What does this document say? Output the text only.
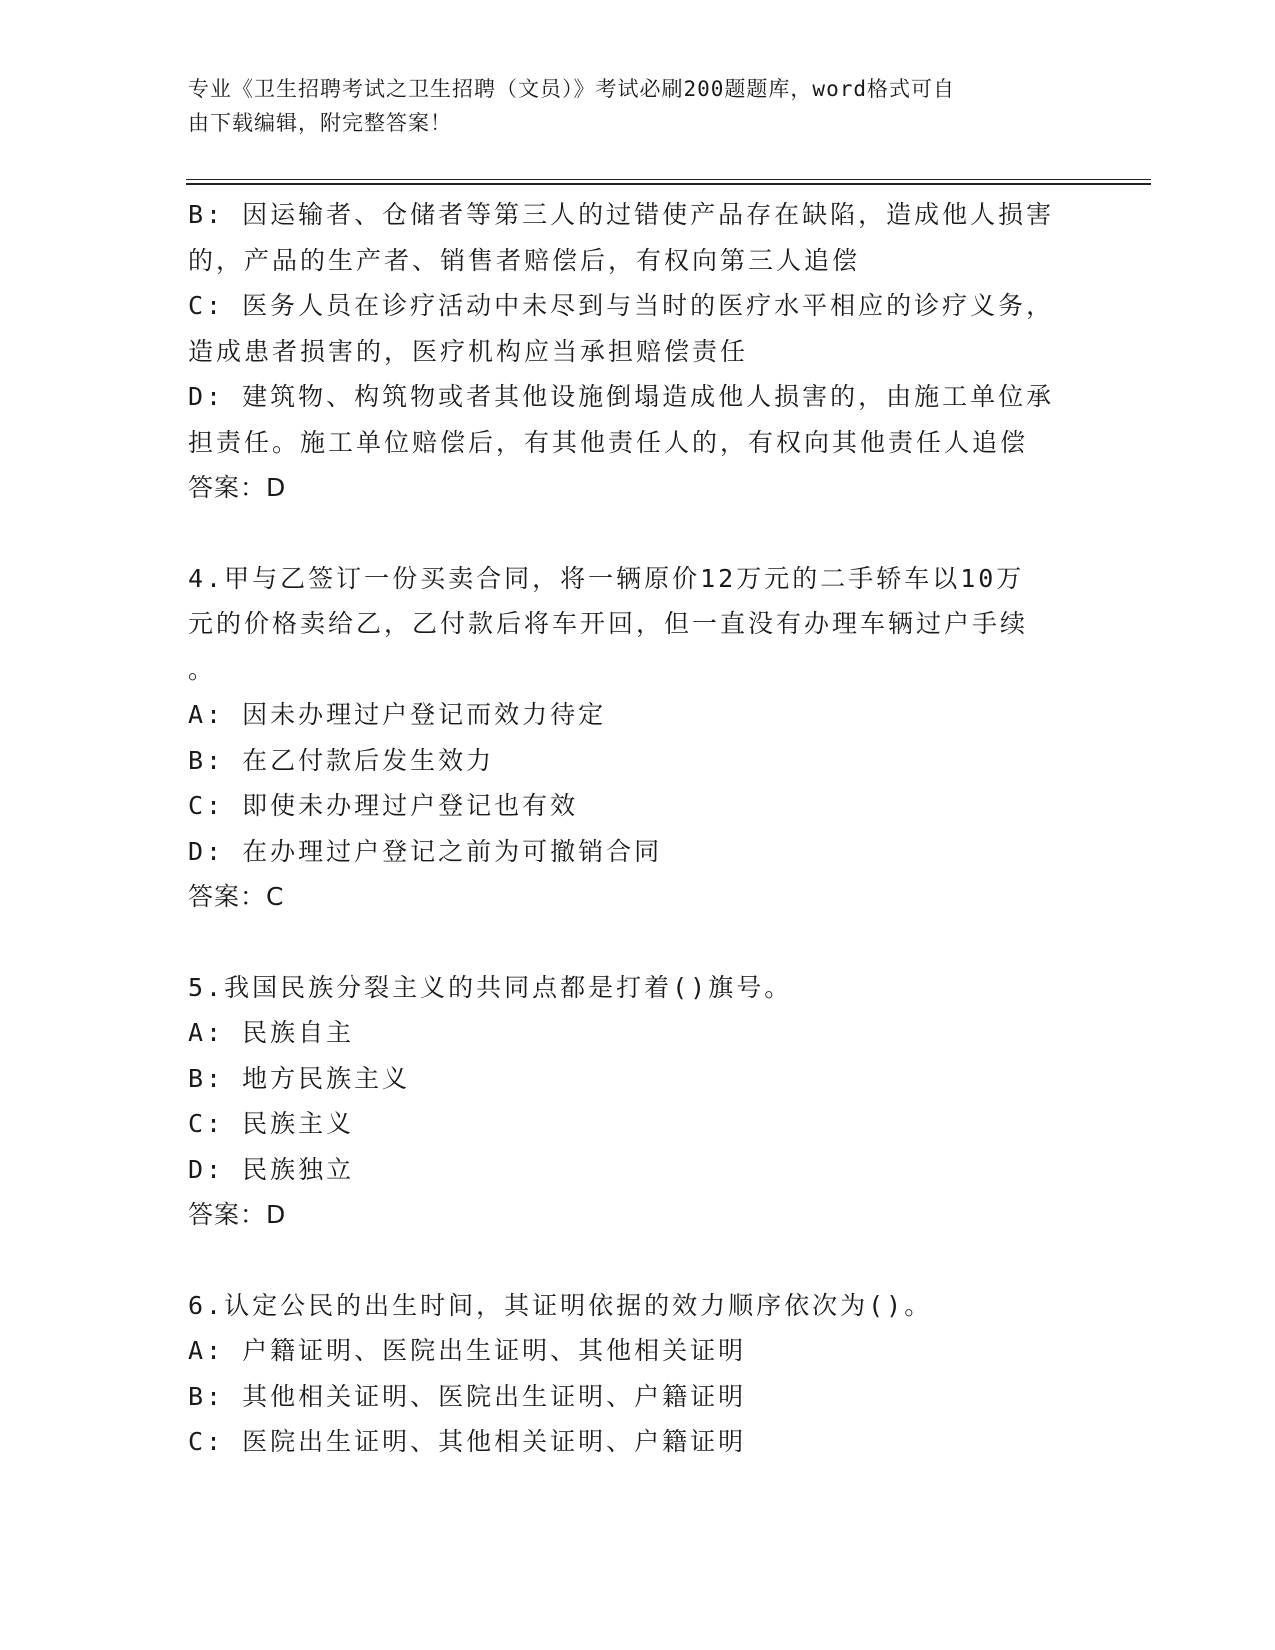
专业《卫生招聘考试之卫生招聘（文员）》考试必刷200题题库，word格式可自
由下载编辑，附完整答案！
B: 因运输者、仓储者等第三人的过错使产品存在缺陷，造成他人损害
的，产品的生产者、销售者赔偿后，有权向第三人追偿
C: 医务人员在诊疗活动中未尽到与当时的医疗水平相应的诊疗义务，
造成患者损害的，医疗机构应当承担赔偿责任
D: 建筑物、构筑物或者其他设施倒塌造成他人损害的，由施工单位承
担责任。施工单位赔偿后，有其他责任人的，有权向其他责任人追偿
答案：D
4.甲与乙签订一份买卖合同，将一辆原价12万元的二手轿车以10万
元的价格卖给乙，乙付款后将车开回，但一直没有办理车辆过户手续
。
A: 因未办理过户登记而效力待定
B: 在乙付款后发生效力
C: 即使未办理过户登记也有效
D: 在办理过户登记之前为可撤销合同
答案：C
5.我国民族分裂主义的共同点都是打着()旗号。
A: 民族自主
B: 地方民族主义
C: 民族主义
D: 民族独立
答案：D
6.认定公民的出生时间，其证明依据的效力顺序依次为()。
A: 户籍证明、医院出生证明、其他相关证明
B: 其他相关证明、医院出生证明、户籍证明
C: 医院出生证明、其他相关证明、户籍证明
